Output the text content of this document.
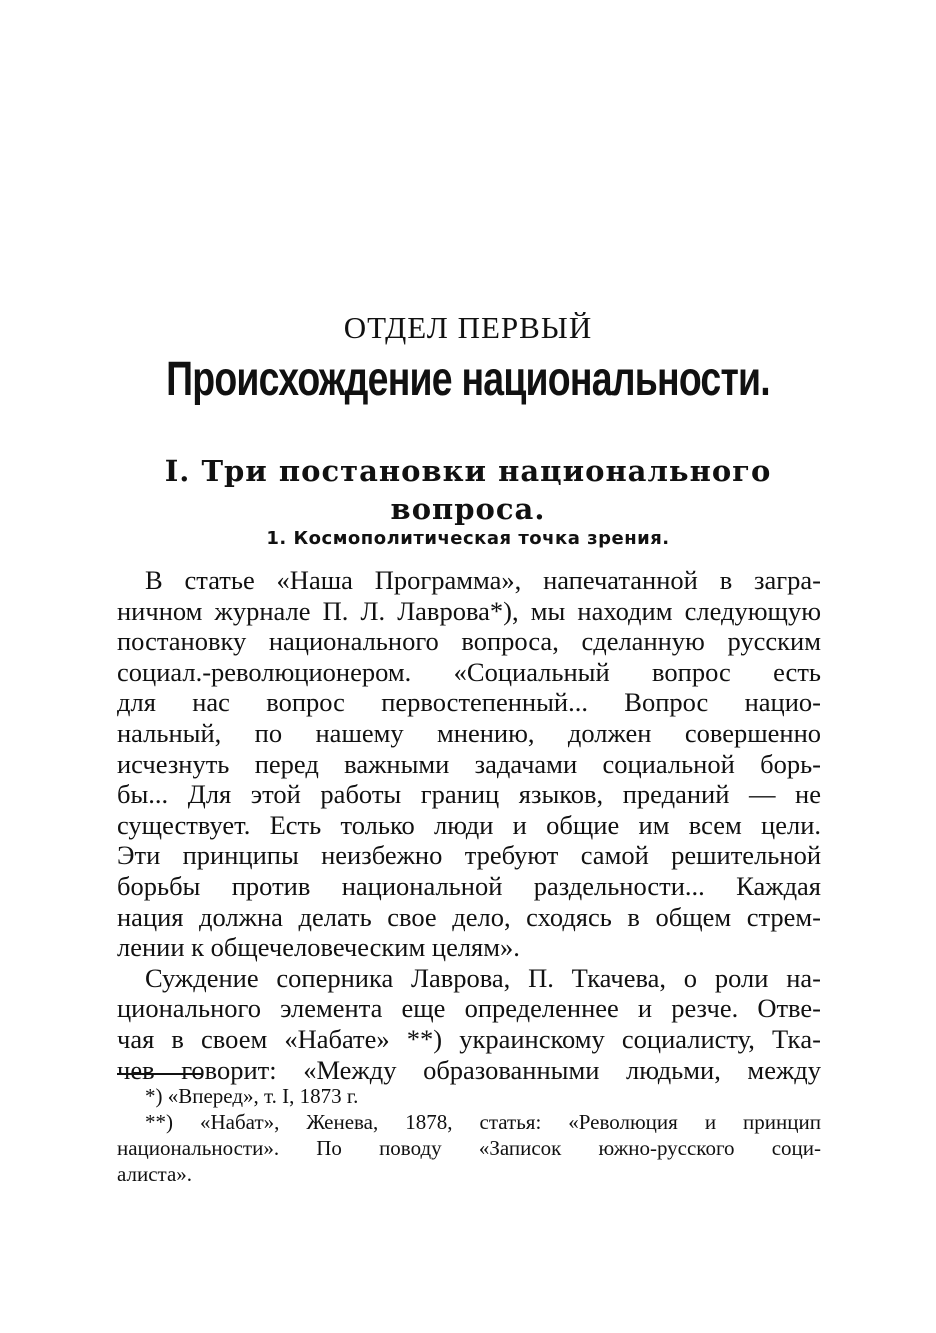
ОТДЕЛ ПЕРВЫЙ
Происхождение национальности.
I. Три постановки национального
вопроса.
1. Космополитическая точка зрения.
В статье «Наша Программа», напечатанной в загра-
ничном журнале П. Л. Лаврова*), мы находим следующую
постановку национального вопроса, сделанную русским
социал.-революционером. «Социальный вопрос есть
для нас вопрос первостепенный... Вопрос нацио-
нальный, по нашему мнению, должен совершенно
исчезнуть перед важными задачами социальной борь-
бы... Для этой работы границ языков, преданий — не
существует. Есть только люди и общие им всем цели.
Эти принципы неизбежно требуют самой решительной
борьбы против национальной раздельности... Каждая
нация должна делать свое дело, сходясь в общем стрем-
лении к общечеловеческим целям».
Суждение соперника Лаврова, П. Ткачева, о роли на-
ционального элемента еще определеннее и резче. Отве-
чая в своем «Набате» **) украинскому социалисту, Ткa-
чев говорит: «Между образованными людьми, между
*) «Вперед», т. I, 1873 г.
**) «Набат», Женева, 1878, статья: «Революция и принцип
национальности». По поводу «Записок южно-русского соци-
алиста».
